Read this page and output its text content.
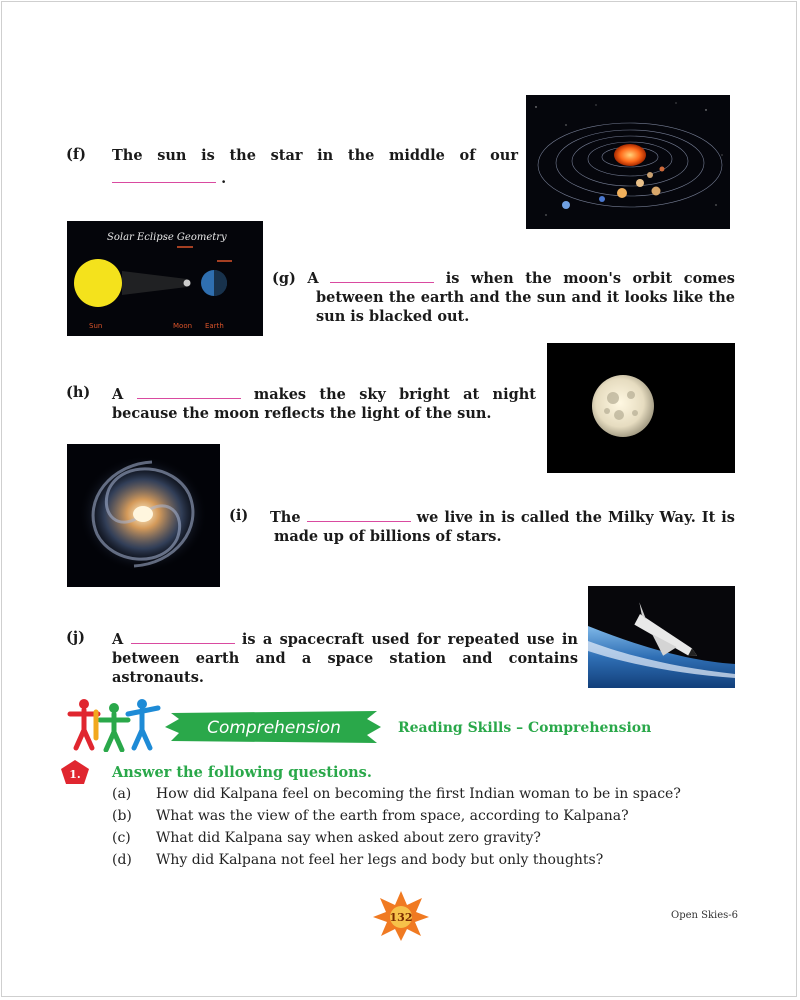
(f) The sun is the star in the middle of our
.
Solar Eclipse Geometry
Sun	Moon Earth
(g) A	is when the moon's orbit comes
between the earth and the sun and it looks like the
sun is blacked out.
(h) A	makes the sky bright at night
because the moon reflects the light of the sun.
(i) The	we live in is called the Milky Way. It is
made up of billions of stars.
(j) A	is a spacecraft used for repeated use in
between earth and a space station and contains
astronauts.
Comprehension	Reading Skills – Comprehension
1. Answer the following questions.
(a) How did Kalpana feel on becoming the first Indian woman to be in space?
(b) What was the view of the earth from space, according to Kalpana?
(c) What did Kalpana say when asked about zero gravity?
(d) Why did Kalpana not feel her legs and body but only thoughts?
132	Open Skies-6
